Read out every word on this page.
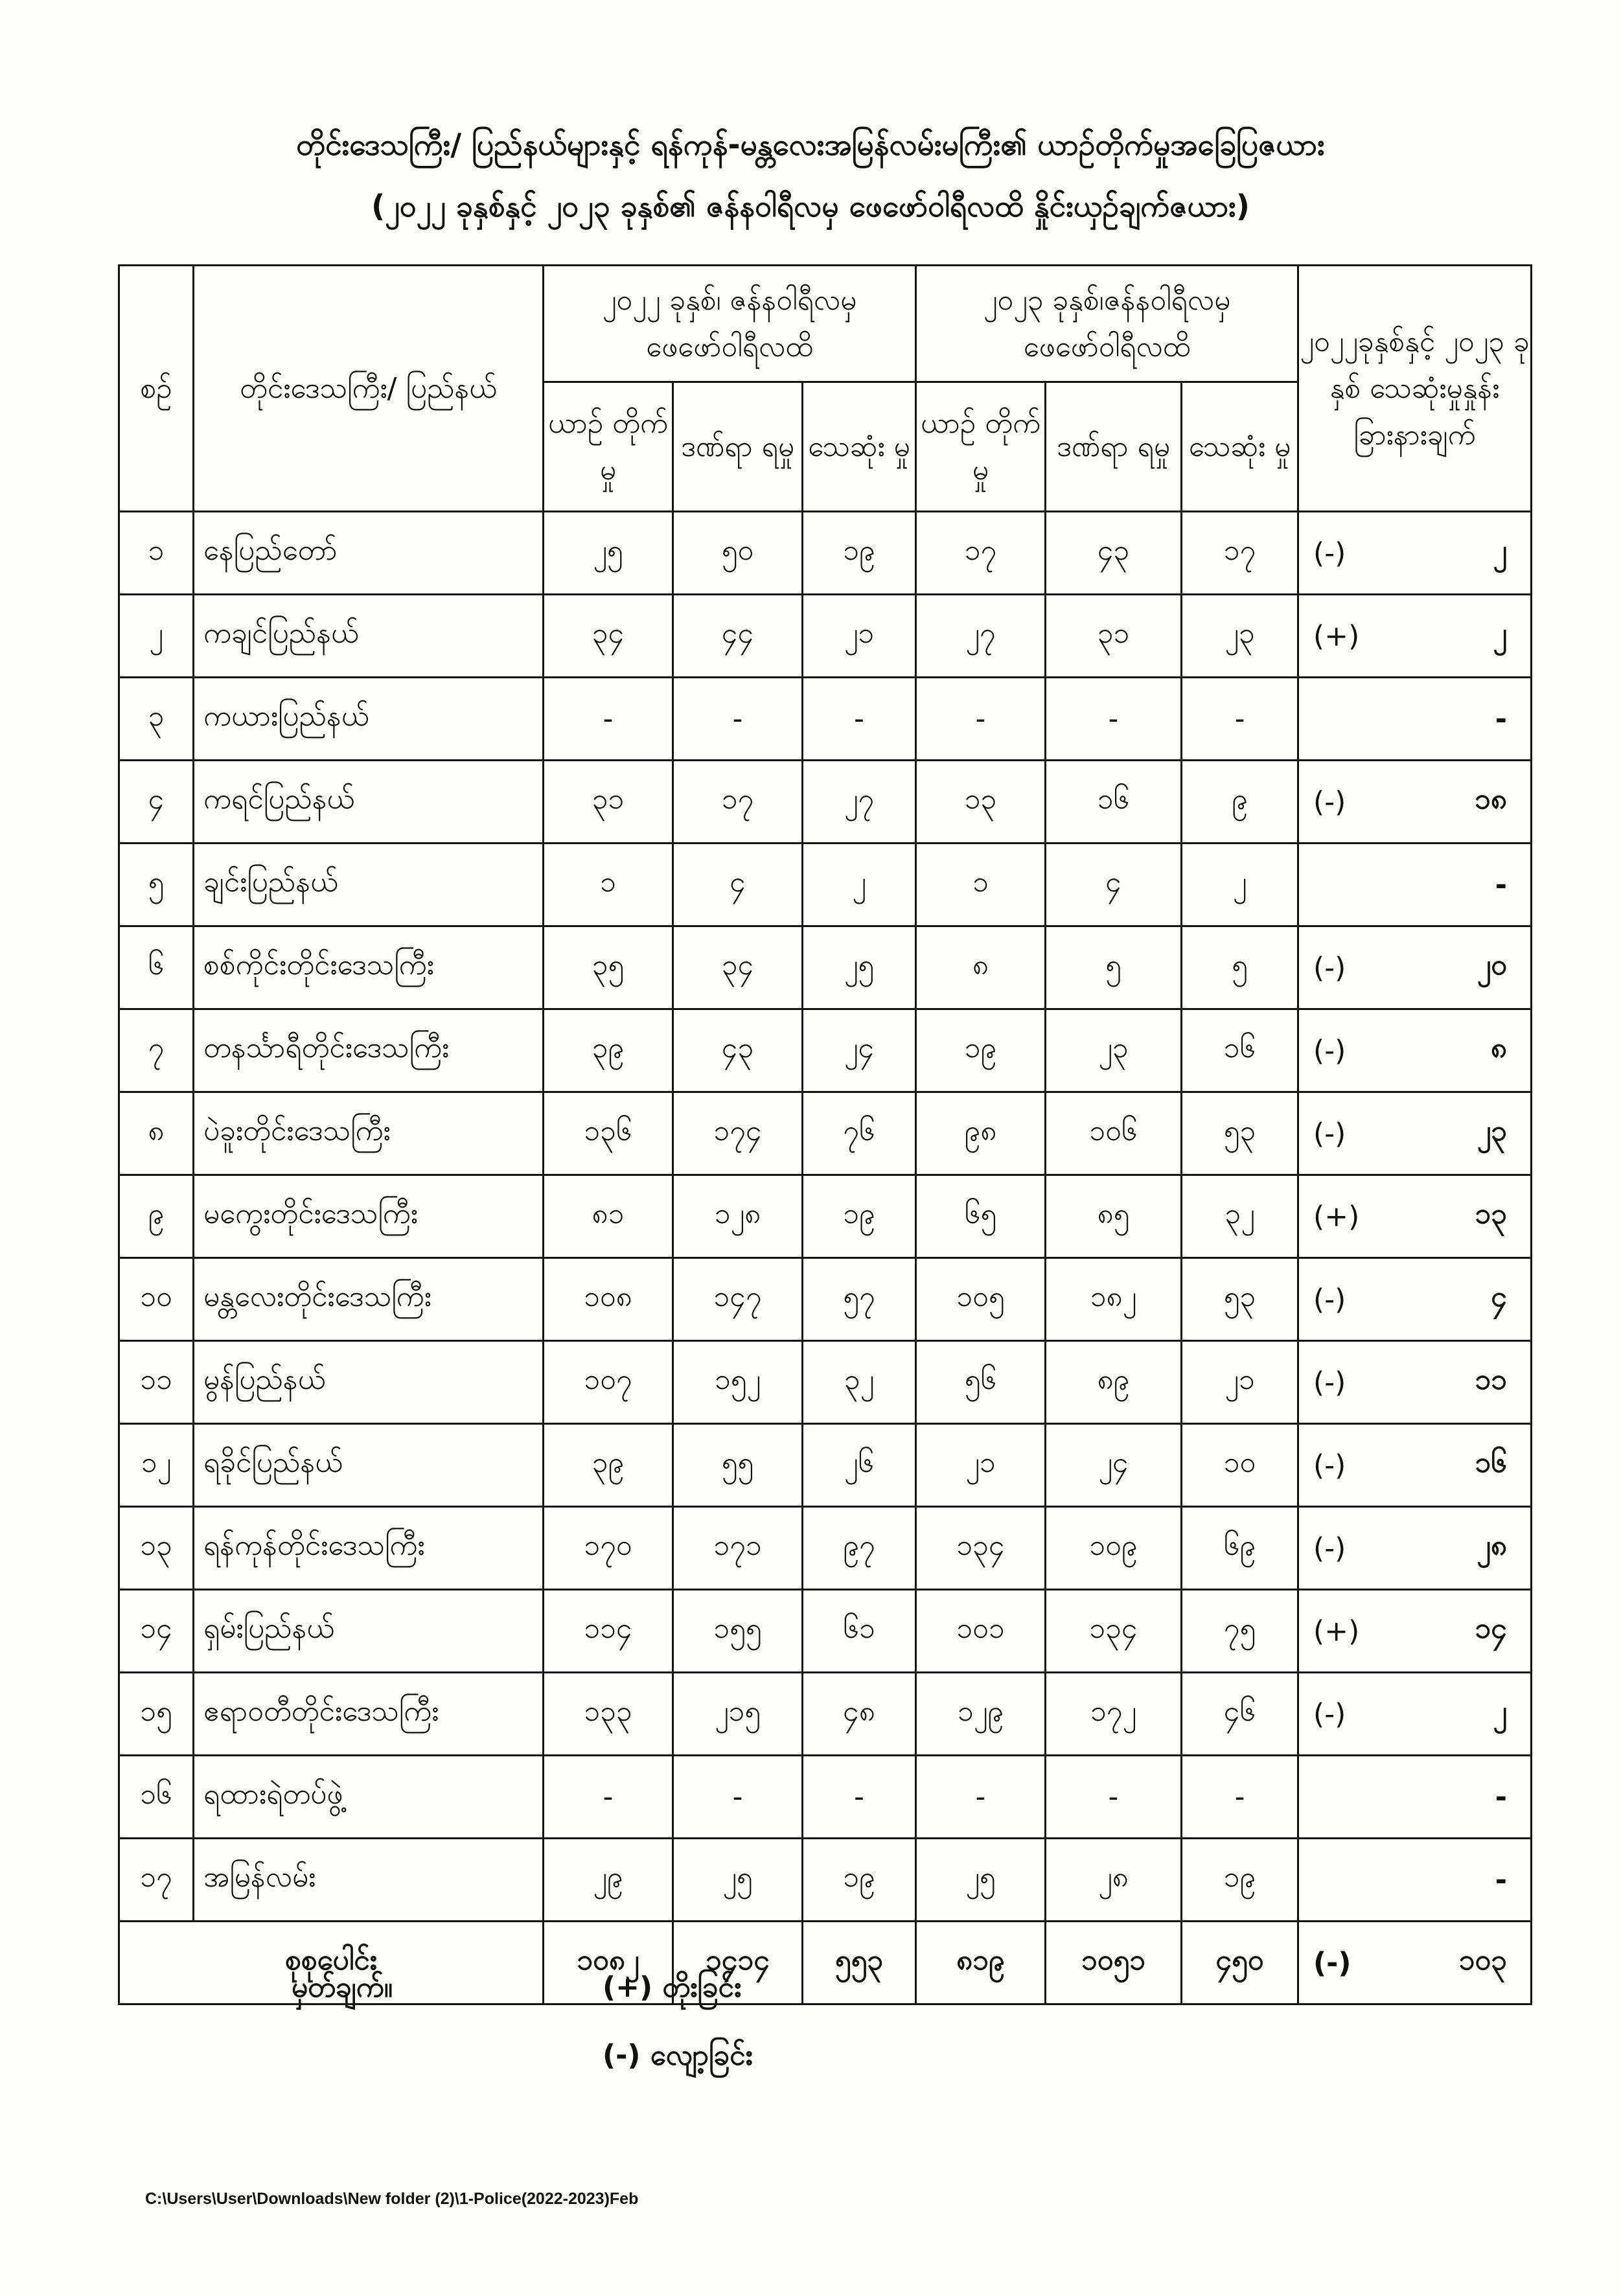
တိုင်းဒေသကြီး/ ပြည်နယ်များနှင့် ရန်ကုန်-မန္တလေးအမြန်လမ်းမကြီး၏ ယာဉ်တိုက်မှုအခြေပြဇယား
(၂၀၂၂ ခုနှစ်နှင့် ၂၀၂၃ ခုနှစ်၏ ဇန်နဝါရီလမှ ဖေဖော်ဝါရီလထိ နှိုင်းယှဉ်ချက်ဇယား)
စဉ်	တိုင်းဒေသကြီး/ ပြည်နယ်	၂၀၂၂ ခုနှစ်၊ ဇန်နဝါရီလမှ ဖေဖော်ဝါရီလထိ			၂၀၂၃ ခုနှစ်၊ဇန်နဝါရီလမှ ဖေဖော်ဝါရီလထိ			၂၀၂၂ခုနှစ်နှင့် ၂၀၂၃ ခုနှစ် သေဆုံးမှုနှုန်း ခြားနားချက်
		ယာဉ် တိုက်မှု	ဒဏ်ရာ ရမှု	သေဆုံး မှု	ယာဉ် တိုက်မှု	ဒဏ်ရာ ရမှု	သေဆုံး မှု	
၁	နေပြည်တော်	၂၅	၅၀	၁၉	၁၇	၄၃	၁၇	(-) ၂

၂	ကချင်ပြည်နယ်	၃၄	၄၄	၂၁	၂၇	၃၁	၂၃	(+) ၂

၃	ကယားပြည်နယ်	-	-	-	-	-	-	-

၄	ကရင်ပြည်နယ်	၃၁	၁၇	၂၇	၁၃	၁၆	၉	(-) ၁၈

၅	ချင်းပြည်နယ်	၁	၄	၂	၁	၄	၂	-

၆	စစ်ကိုင်းတိုင်းဒေသကြီး	၃၅	၃၄	၂၅	၈	၅	၅	(-) ၂၀

၇	တနင်္သာရီတိုင်းဒေသကြီး	၃၉	၄၃	၂၄	၁၉	၂၃	၁၆	(-) ၈

၈	ပဲခူးတိုင်းဒေသကြီး	၁၃၆	၁၇၄	၇၆	၉၈	၁၀၆	၅၃	(-) ၂၃

၉	မကွေးတိုင်းဒေသကြီး	၈၁	၁၂၈	၁၉	၆၅	၈၅	၃၂	(+) ၁၃

၁၀	မန္တလေးတိုင်းဒေသကြီး	၁၀၈	၁၄၇	၅၇	၁၀၅	၁၈၂	၅၃	(-) ၄

၁၁	မွန်ပြည်နယ်	၁၀၇	၁၅၂	၃၂	၅၆	၈၉	၂၁	(-) ၁၁

၁၂	ရခိုင်ပြည်နယ်	၃၉	၅၅	၂၆	၂၁	၂၄	၁၀	(-) ၁၆

၁၃	ရန်ကုန်တိုင်းဒေသကြီး	၁၇၀	၁၇၁	၉၇	၁၃၄	၁၀၉	၆၉	(-) ၂၈

၁၄	ရှမ်းပြည်နယ်	၁၁၄	၁၅၅	၆၁	၁၀၁	၁၃၄	၇၅	(+) ၁၄

၁၅	ဧရာဝတီတိုင်းဒေသကြီး	၁၃၃	၂၁၅	၄၈	၁၂၉	၁၇၂	၄၆	(-) ၂

၁၆	ရထားရဲတပ်ဖွဲ့	-	-	-	-	-	-	-

၁၇	အမြန်လမ်း	၂၉	၂၅	၁၉	၂၅	၂၈	၁၉	-

စုစုပေါင်း		၁၀၈၂	၁၄၁၄	၅၅၃	၈၁၉	၁၀၅၁	၄၅၀	(-) ၁၀၃
မှတ်ချက်။	(+) တိုးခြင်း
(-) လျော့ခြင်း
C:\Users\User\Downloads\New folder (2)\1-Police(2022-2023)Feb
